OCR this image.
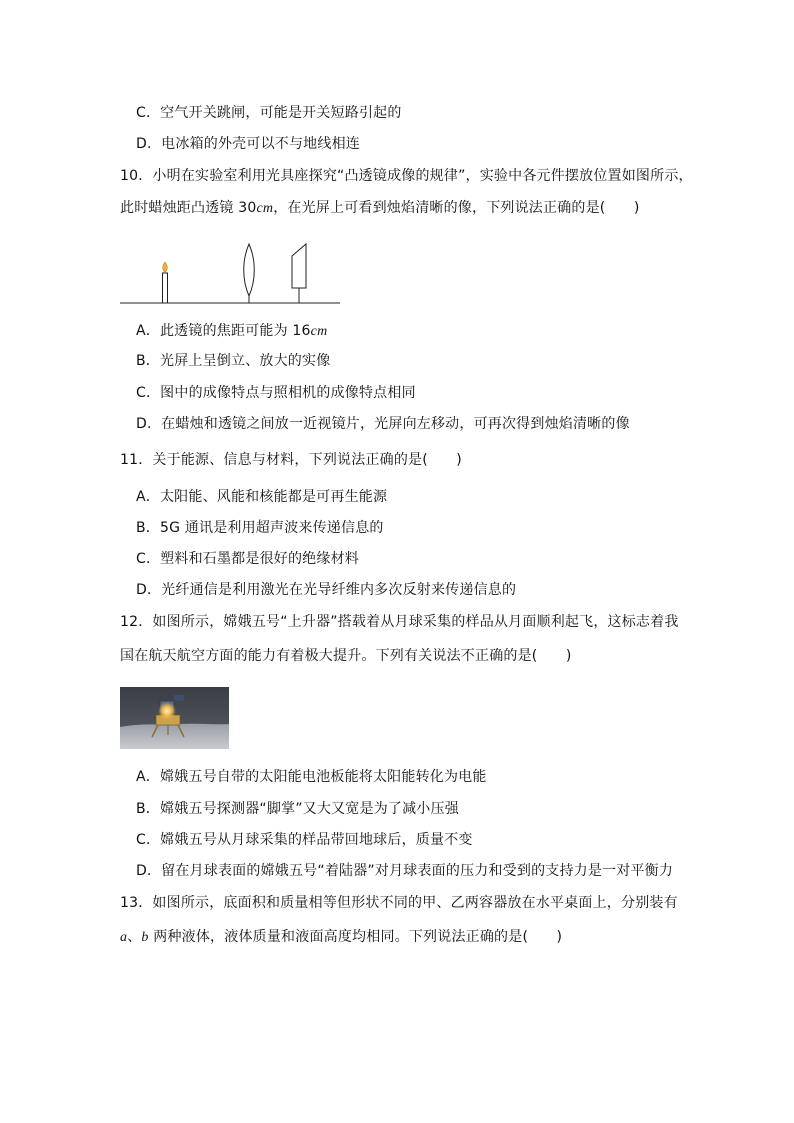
C．空气开关跳闸，可能是开关短路引起的
D．电冰箱的外壳可以不与地线相连
10．小明在实验室利用光具座探究“凸透镜成像的规律”，实验中各元件摆放位置如图所示，
此时蜡烛距凸透镜 30cm，在光屏上可看到烛焰清晰的像，下列说法正确的是(　　)
A．此透镜的焦距可能为 16cm
B．光屏上呈倒立、放大的实像
C．图中的成像特点与照相机的成像特点相同
D．在蜡烛和透镜之间放一近视镜片，光屏向左移动，可再次得到烛焰清晰的像
11．关于能源、信息与材料，下列说法正确的是(　　)
A．太阳能、风能和核能都是可再生能源
B．5G 通讯是利用超声波来传递信息的
C．塑料和石墨都是很好的绝缘材料
D．光纤通信是利用激光在光导纤维内多次反射来传递信息的
12．如图所示，嫦娥五号“上升器”搭载着从月球采集的样品从月面顺利起飞，这标志着我
国在航天航空方面的能力有着极大提升。下列有关说法不正确的是(　　)
A．嫦娥五号自带的太阳能电池板能将太阳能转化为电能
B．嫦娥五号探测器“脚掌”又大又宽是为了减小压强
C．嫦娥五号从月球采集的样品带回地球后，质量不变
D．留在月球表面的嫦娥五号“着陆器”对月球表面的压力和受到的支持力是一对平衡力
13．如图所示，底面积和质量相等但形状不同的甲、乙两容器放在水平桌面上，分别装有
a、b 两种液体，液体质量和液面高度均相同。下列说法正确的是(　　)
